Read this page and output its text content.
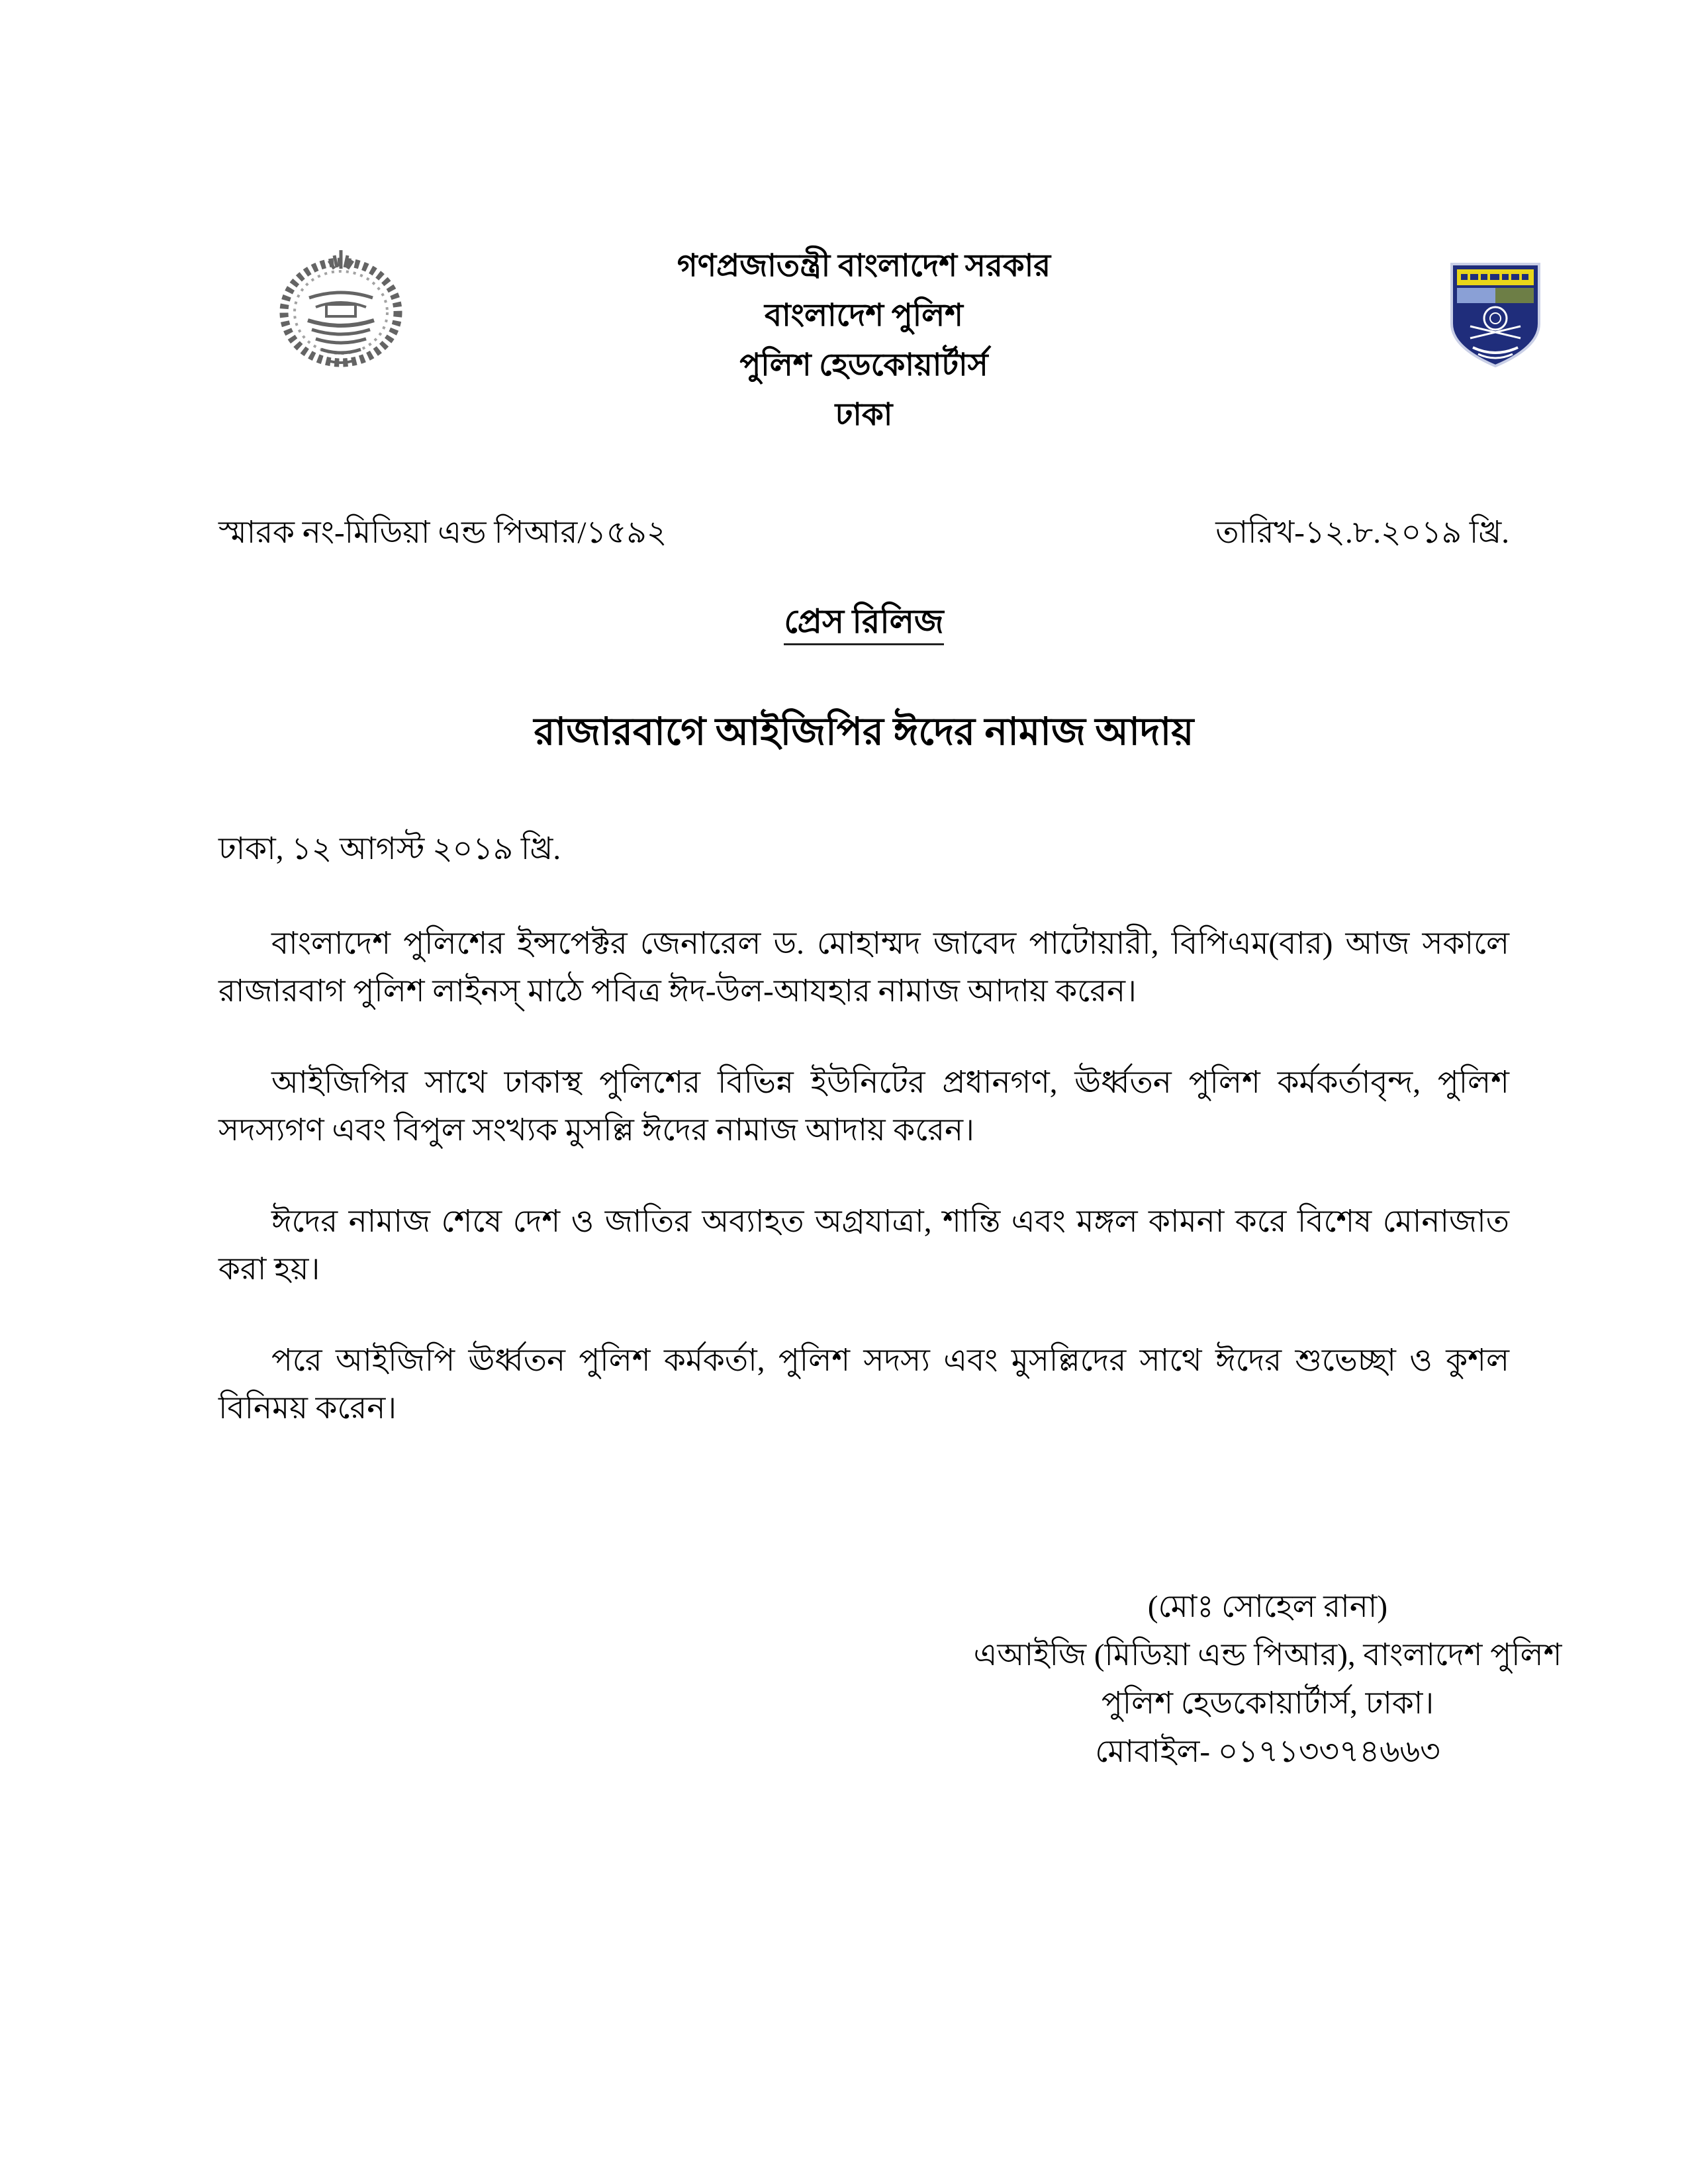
গণপ্রজাতন্ত্রী বাংলাদেশ সরকার
বাংলাদেশ পুলিশ
পুলিশ হেডকোয়ার্টার্স
ঢাকা
স্মারক নং-মিডিয়া এন্ড পিআর/১৫৯২	তারিখ-১২.৮.২০১৯ খ্রি.
প্রেস রিলিজ
রাজারবাগে আইজিপির ঈদের নামাজ আদায়
ঢাকা, ১২ আগস্ট ২০১৯ খ্রি.

বাংলাদেশ পুলিশের ইন্সপেক্টর জেনারেল ড. মোহাম্মদ জাবেদ পাটোয়ারী, বিপিএম(বার) আজ সকালে রাজারবাগ পুলিশ লাইনস্ মাঠে পবিত্র ঈদ-উল-আযহার নামাজ আদায় করেন।

আইজিপির সাথে ঢাকাস্থ পুলিশের বিভিন্ন ইউনিটের প্রধানগণ, ঊর্ধ্বতন পুলিশ কর্মকর্তাবৃন্দ, পুলিশ সদস্যগণ এবং বিপুল সংখ্যক মুসল্লি ঈদের নামাজ আদায় করেন।

ঈদের নামাজ শেষে দেশ ও জাতির অব্যাহত অগ্রযাত্রা, শান্তি এবং মঙ্গল কামনা করে বিশেষ মোনাজাত করা হয়।

পরে আইজিপি ঊর্ধ্বতন পুলিশ কর্মকর্তা, পুলিশ সদস্য এবং মুসল্লিদের সাথে ঈদের শুভেচ্ছা ও কুশল বিনিময় করেন।

(মোঃ সোহেল রানা)
এআইজি (মিডিয়া এন্ড পিআর), বাংলাদেশ পুলিশ
পুলিশ হেডকোয়ার্টার্স, ঢাকা।
মোবাইল- ০১৭১৩৩৭৪৬৬৩
